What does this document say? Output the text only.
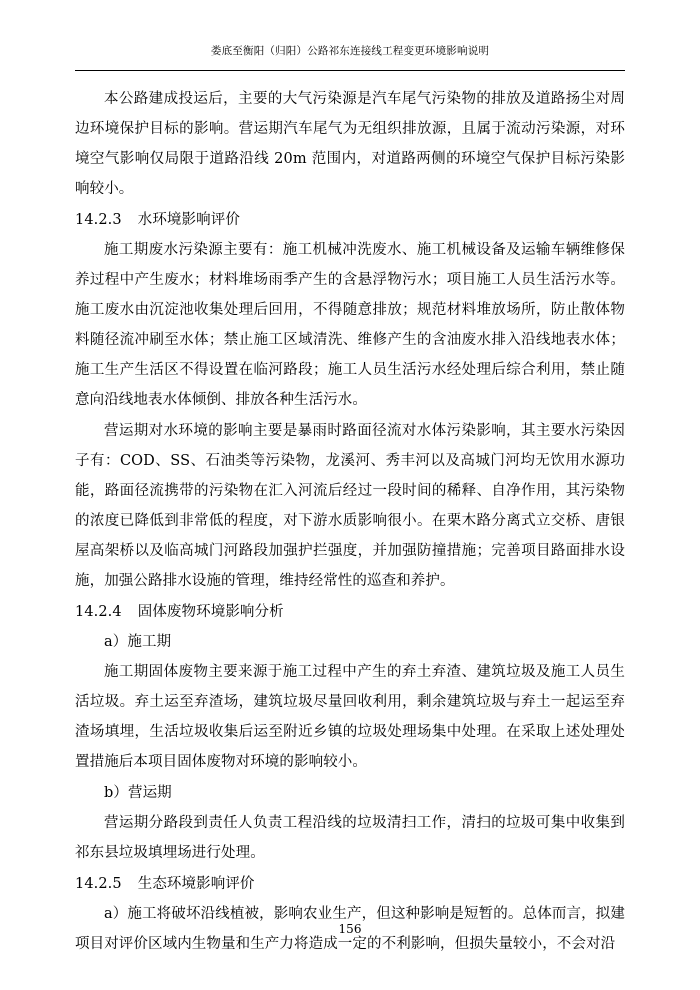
娄底至衡阳（归阳）公路祁东连接线工程变更环境影响说明

本公路建成投运后，主要的大气污染源是汽车尾气污染物的排放及道路扬尘对周边环境保护目标的影响。营运期汽车尾气为无组织排放源，且属于流动污染源，对环境空气影响仅局限于道路沿线 20m 范围内，对道路两侧的环境空气保护目标污染影响较小。

14.2.3 水环境影响评价

施工期废水污染源主要有：施工机械冲洗废水、施工机械设备及运输车辆维修保养过程中产生废水；材料堆场雨季产生的含悬浮物污水；项目施工人员生活污水等。施工废水由沉淀池收集处理后回用，不得随意排放；规范材料堆放场所，防止散体物料随径流冲刷至水体；禁止施工区域清洗、维修产生的含油废水排入沿线地表水体；施工生产生活区不得设置在临河路段；施工人员生活污水经处理后综合利用，禁止随意向沿线地表水体倾倒、排放各种生活污水。

营运期对水环境的影响主要是暴雨时路面径流对水体污染影响，其主要水污染因子有：COD、SS、石油类等污染物，龙溪河、秀丰河以及高城门河均无饮用水源功能，路面径流携带的污染物在汇入河流后经过一段时间的稀释、自净作用，其污染物的浓度已降低到非常低的程度，对下游水质影响很小。在栗木路分离式立交桥、唐银屋高架桥以及临高城门河路段加强护拦强度，并加强防撞措施；完善项目路面排水设施，加强公路排水设施的管理，维持经常性的巡查和养护。

14.2.4 固体废物环境影响分析
a）施工期

施工期固体废物主要来源于施工过程中产生的弃土弃渣、建筑垃圾及施工人员生活垃圾。弃土运至弃渣场，建筑垃圾尽量回收利用，剩余建筑垃圾与弃土一起运至弃渣场填埋，生活垃圾收集后运至附近乡镇的垃圾处理场集中处理。在采取上述处理处置措施后本项目固体废物对环境的影响较小。

b）营运期

营运期分路段到责任人负责工程沿线的垃圾清扫工作，清扫的垃圾可集中收集到祁东县垃圾填埋场进行处理。

14.2.5 生态环境影响评价

a）施工将破坏沿线植被，影响农业生产，但这种影响是短暂的。总体而言，拟建项目对评价区域内生物量和生产力将造成一定的不利影响，但损失量较小，不会对沿

156
